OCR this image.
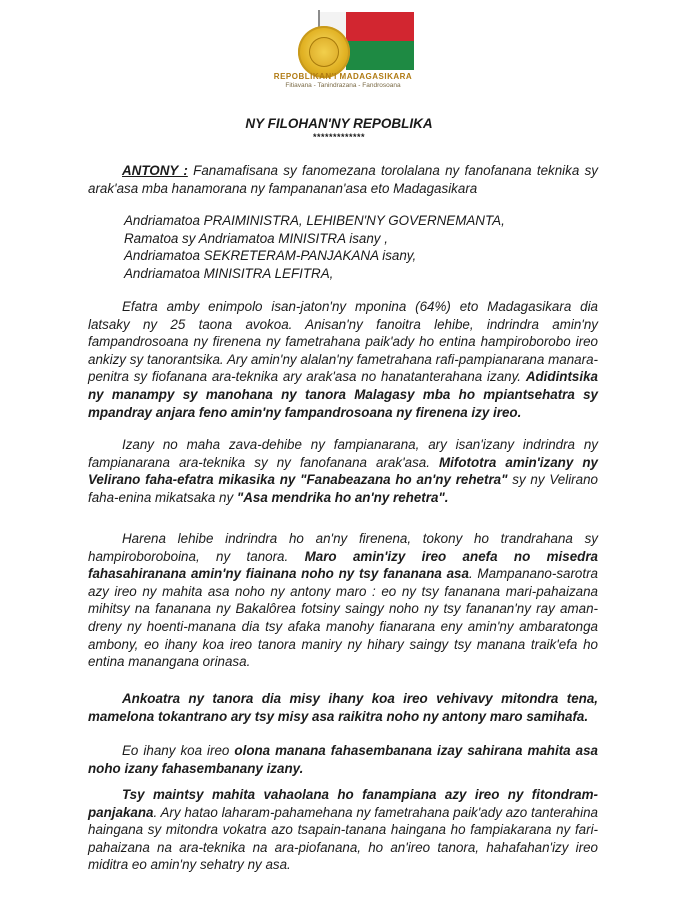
REPOBLIKAN'I MADAGASIKARA
Fitiavana - Tanindrazana - Fandrosoana
NY FILOHAN'NY REPOBLIKA
*************

ANTONY : Fanamafisana sy fanomezana torolalana ny fanofanana teknika sy arak'asa mba hanamorana ny fampananan'asa eto Madagasikara

Andriamatoa PRAIMINISTRA, LEHIBEN'NY GOVERNEMANTA,
Ramatoa sy Andriamatoa MINISITRA isany ,
Andriamatoa SEKRETERAM-PANJAKANA isany,
Andriamatoa MINISITRA LEFITRA,

Efatra amby enimpolo isan-jaton'ny mponina (64%) eto Madagasikara dia latsaky ny 25 taona avokoa. Anisan'ny fanoitra lehibe, indrindra amin'ny fampandrosoana ny firenena ny fametrahana paik'ady ho entina hampiroborobo ireo ankizy sy tanorantsika. Ary amin'ny alalan'ny fametrahana rafi-pampianarana manara-penitra sy fiofanana ara-teknika ary arak'asa no hanatanterahana izany. Adidintsika ny manampy sy manohana ny tanora Malagasy mba ho mpiantsehatra sy mpandray anjara feno amin'ny fampandrosoana ny firenena izy ireo.

Izany no maha zava-dehibe ny fampianarana, ary isan'izany indrindra ny fampianarana ara-teknika sy ny fanofanana arak'asa. Mifototra amin'izany ny Velirano faha-efatra mikasika ny "Fanabeazana ho an'ny rehetra" sy ny Velirano faha-enina mikatsaka ny "Asa mendrika ho an'ny rehetra".

Harena lehibe indrindra ho an'ny firenena, tokony ho trandrahana sy hampiroboroboina, ny tanora. Maro amin'izy ireo anefa no misedra fahasahiranana amin'ny fiainana noho ny tsy fananana asa. Mampanano-sarotra azy ireo ny mahita asa noho ny antony maro : eo ny tsy fananana mari-pahaizana mihitsy na fananana ny Bakalôrea fotsiny saingy noho ny tsy fananan'ny ray aman-dreny ny hoenti-manana dia tsy afaka manohy fianarana eny amin'ny ambaratonga ambony, eo ihany koa ireo tanora maniry ny hihary saingy tsy manana traik'efa ho entina manangana orinasa.

Ankoatra ny tanora dia misy ihany koa ireo vehivavy mitondra tena, mamelona tokantrano ary tsy misy asa raikitra noho ny antony maro samihafa.

Eo ihany koa ireo olona manana fahasembanana izay sahirana mahita asa noho izany fahasembanany izany.

Tsy maintsy mahita vahaolana ho fanampiana azy ireo ny fitondram-panjakana. Ary hatao laharam-pahamehana ny fametrahana paik'ady azo tanterahina haingana sy mitondra vokatra azo tsapain-tanana haingana ho fampiakarana ny fari-pahaizana na ara-teknika na ara-piofanana, ho an'ireo tanora, hahafahan'izy ireo miditra eo amin'ny sehatry ny asa.
